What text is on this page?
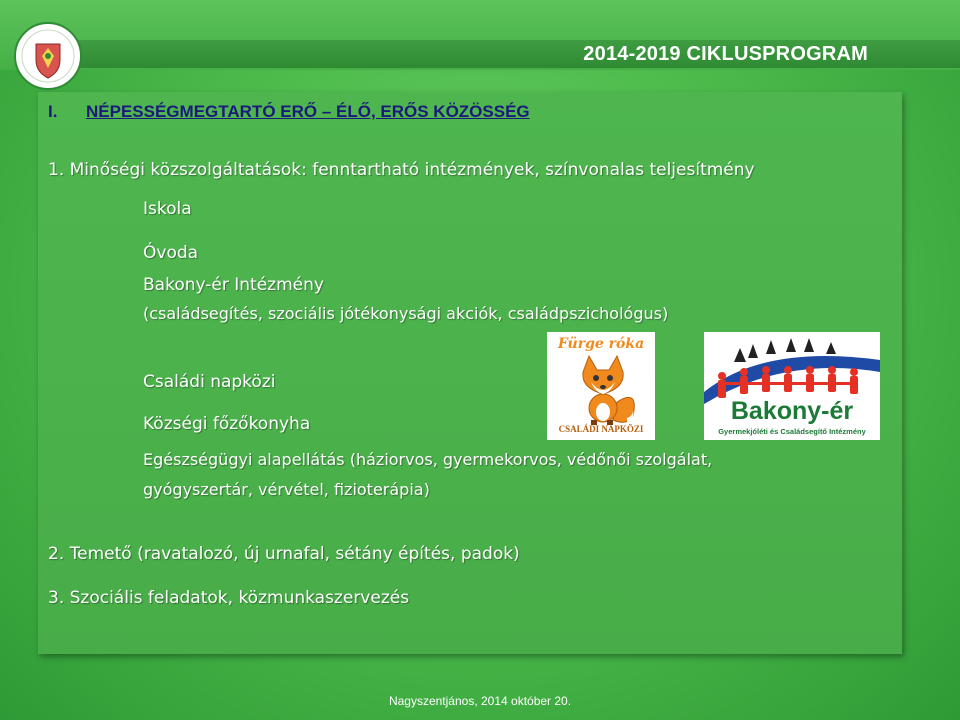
2014-2019 CIKLUSPROGRAM
I. NÉPESSÉGMEGTARTÓ ERŐ – ÉLŐ, ERŐS KÖZÖSSÉG
1. Minőségi közszolgáltatások: fenntartható intézmények, színvonalas teljesítmény
Iskola
Óvoda
Bakony-ér Intézmény
(családsegítés, szociális jótékonysági akciók, családpszichológus)
Családi napközi
Községi főzőkonyha
Egészségügyi alapellátás (háziorvos, gyermekorvos, védőnői szolgálat,
gyógyszertár, vérvétel, fizioterápia)
2. Temető (ravatalozó, új urnafal, sétány építés, padok)
3. Szociális feladatok, közmunkaszervezés
Fürge róka
CSALÁDI NAPKÖZI
Bakony-ér
Gyermekjóléti és Családsegítő Intézmény
Nagyszentjános, 2014 október 20.
